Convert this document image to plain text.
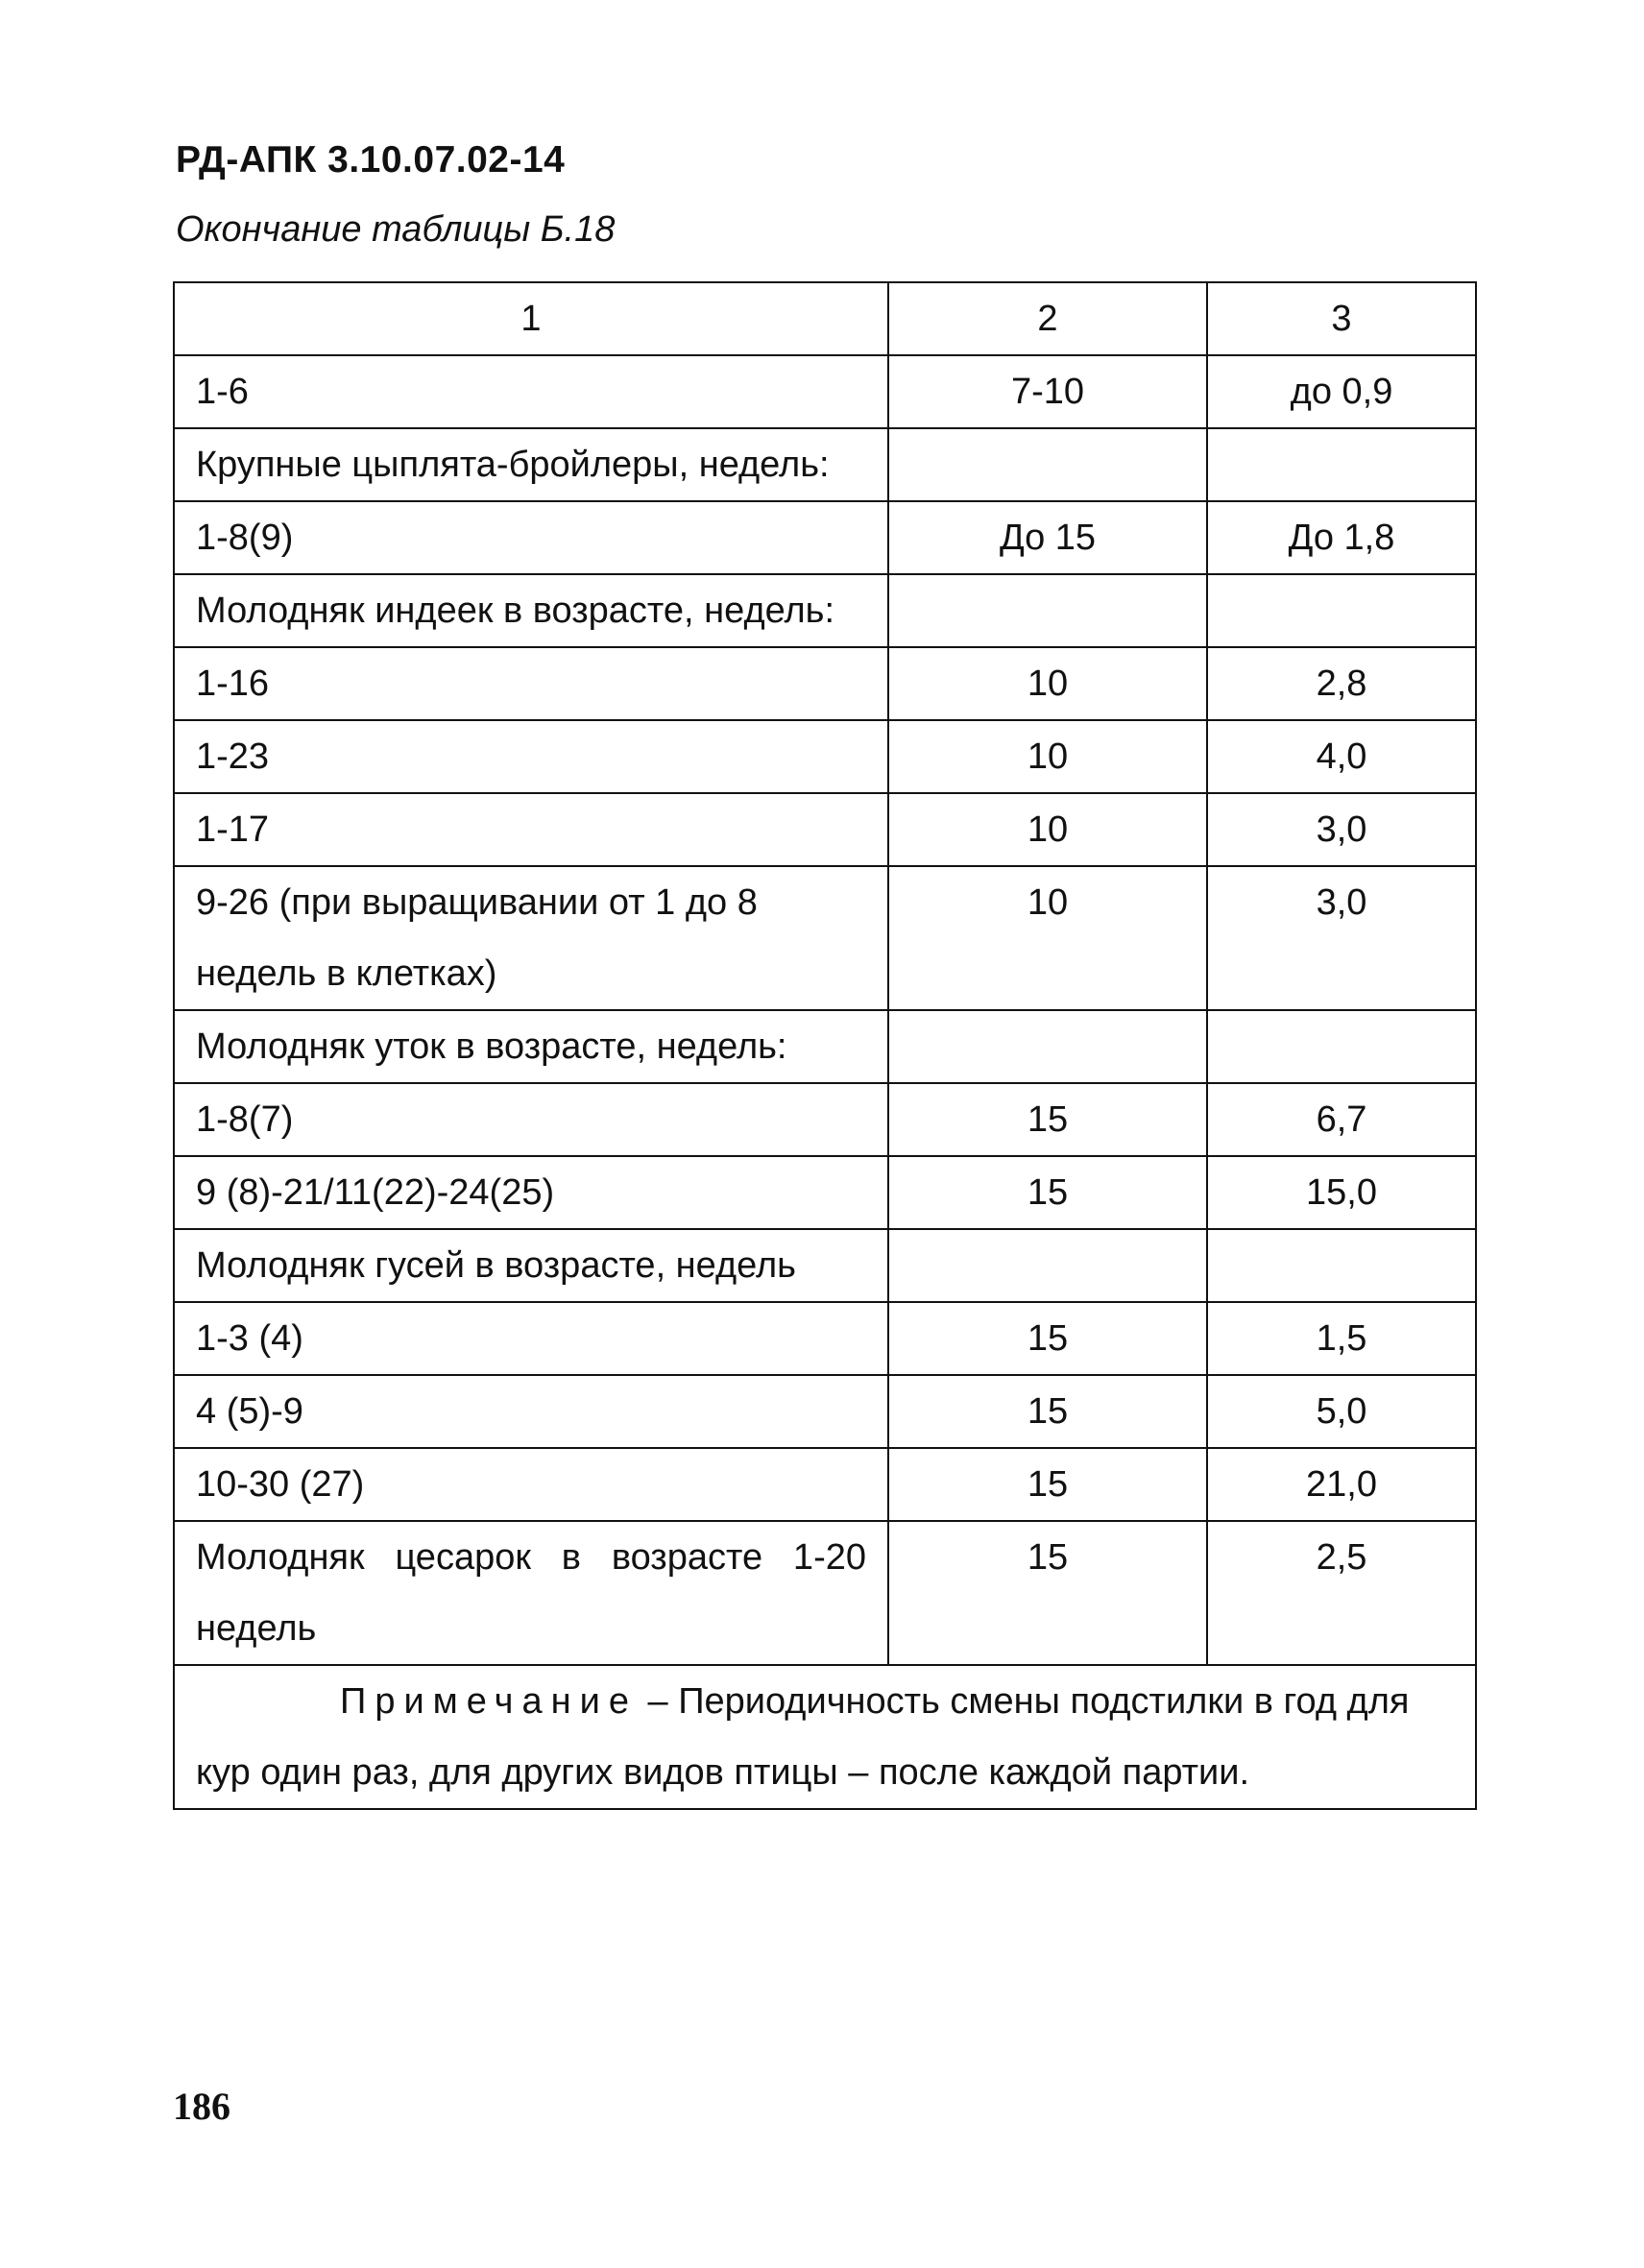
РД-АПК 3.10.07.02-14
Окончание таблицы Б.18
1	2	3
1-6	7-10	до 0,9
Крупные цыплята-бройлеры, недель:		
1-8(9)	До 15	До 1,8
Молодняк индеек в возрасте, недель:		
1-16	10	2,8
1-23	10	4,0
1-17	10	3,0
9-26 (при выращивании от 1 до 8 недель в клетках)	10	3,0
Молодняк уток в возрасте, недель:		
1-8(7)	15	6,7
9 (8)-21/11(22)-24(25)	15	15,0
Молодняк гусей в возрасте, недель		
1-3 (4)	15	1,5
4 (5)-9	15	5,0
10-30 (27)	15	21,0
Молодняк цесарок в возрасте 1-20 недель	15	2,5
Примечание – Периодичность смены подстилки в год для кур один раз, для других видов птицы – после каждой партии.		
186
